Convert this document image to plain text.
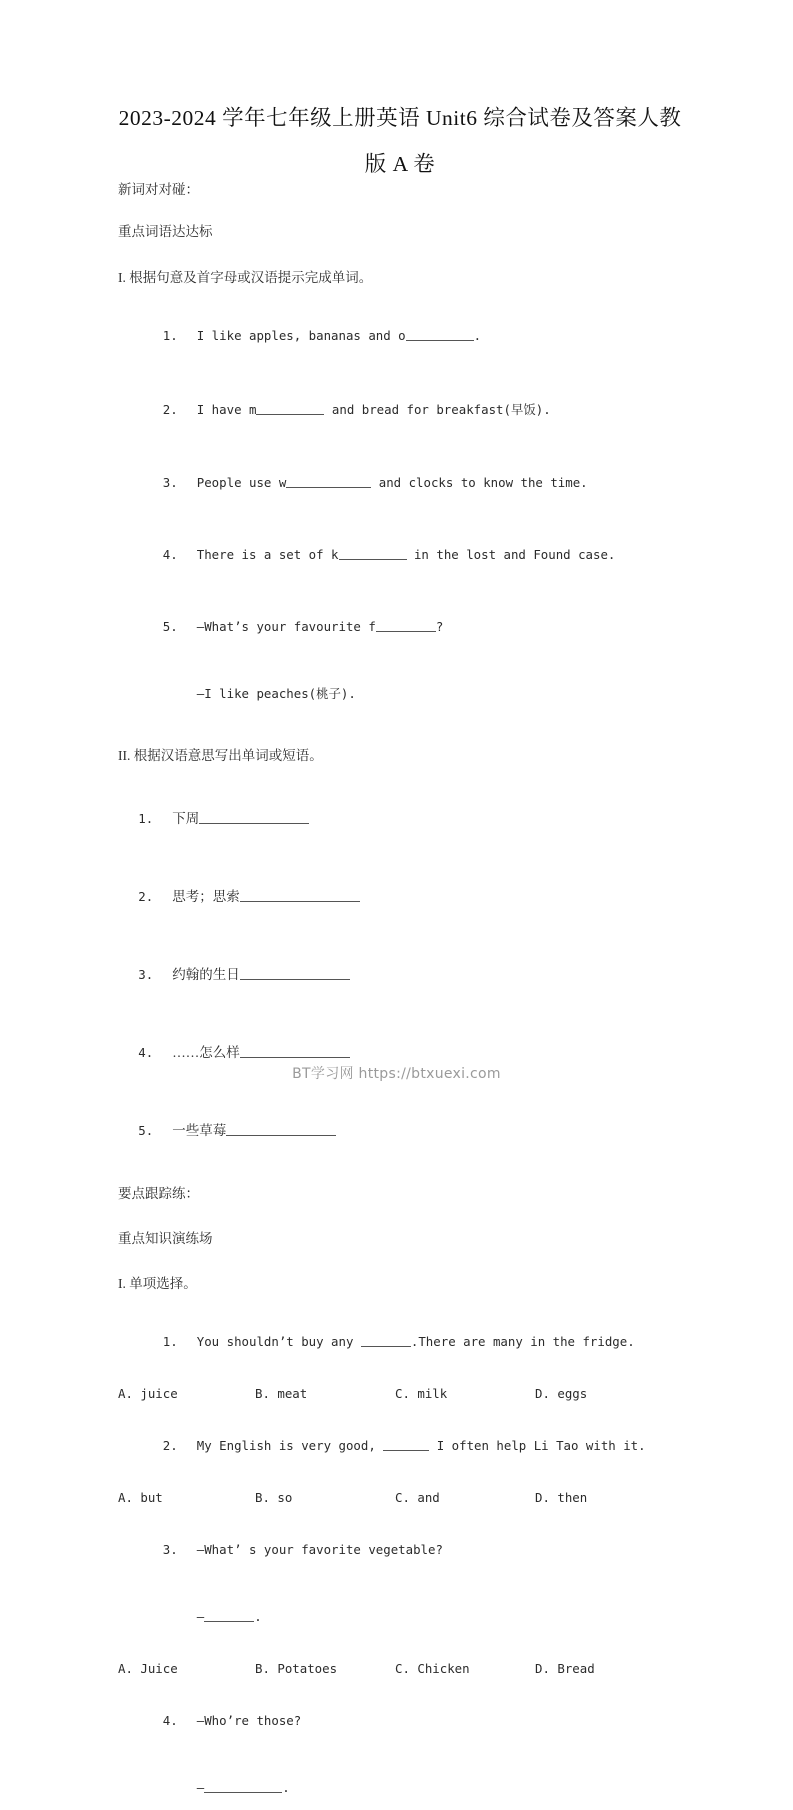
2023-2024 学年七年级上册英语 Unit6 综合试卷及答案人教
版 A 卷
新词对对碰：
重点词语达达标
I. 根据句意及首字母或汉语提示完成单词。

1. I like apples, bananas and o	.

2. I have m	and bread for breakfast(早饭).

3. People use w	and clocks to know the time.

4. There is a set of k	in the lost and Found case.

5. —What’s your favourite f	?

—I like peaches(桃子).

II. 根据汉语意思写出单词或短语。

1. 下周

2. 思考；思索

3. 约翰的生日

4. ……怎么样

5. 一些草莓

要点跟踪练：
重点知识演练场
I. 单项选择。

1. You shouldn’t buy any	.There are many in the fridge.

A. juice	B. meat	C. milk	D. eggs

2. My English is very good,	I often help Li Tao with it.

A. but	B. so	C. and	D. then

3. —What’ s your favorite vegetable?

—	.

A. Juice	B. Potatoes	C. Chicken	D. Bread

4. —Who’re those?

—	.

BT学习网 https://btxuexi.com
